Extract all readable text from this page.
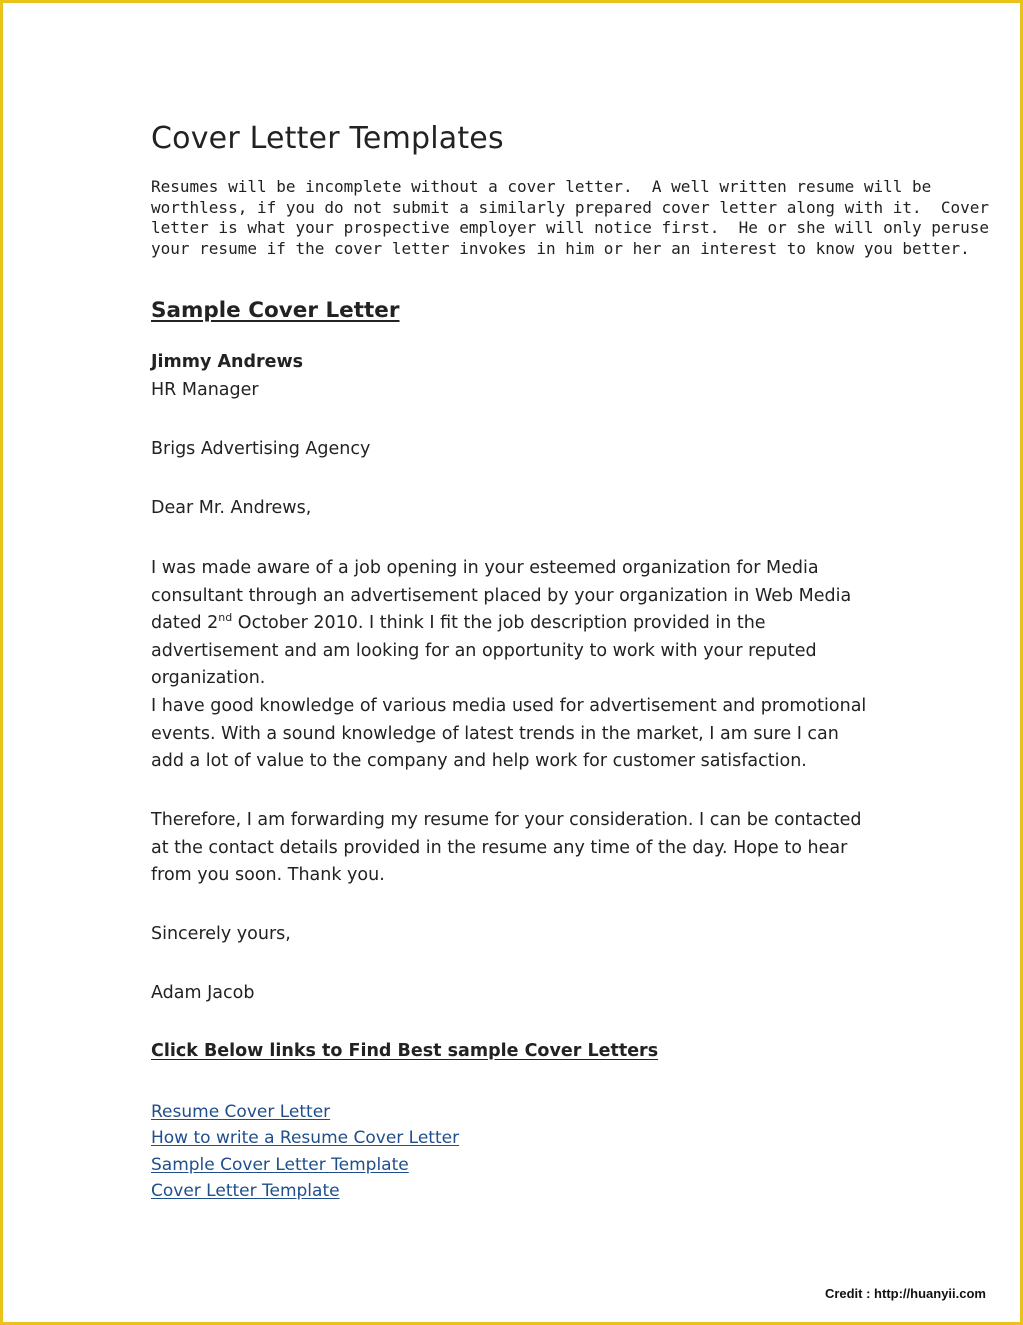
Cover Letter Templates

Resumes will be incomplete without a cover letter.  A well written resume will be
worthless, if you do not submit a similarly prepared cover letter along with it.  Cover
letter is what your prospective employer will notice first.  He or she will only peruse
your resume if the cover letter invokes in him or her an interest to know you better.

Sample Cover Letter

Jimmy Andrews

HR Manager

Brigs Advertising Agency

Dear Mr. Andrews,

I was made aware of a job opening in your esteemed organization for Media
consultant through an advertisement placed by your organization in Web Media
dated 2nd October 2010. I think I fit the job description provided in the
advertisement and am looking for an opportunity to work with your reputed
organization.
I have good knowledge of various media used for advertisement and promotional
events. With a sound knowledge of latest trends in the market, I am sure I can
add a lot of value to the company and help work for customer satisfaction.
Therefore, I am forwarding my resume for your consideration. I can be contacted
at the contact details provided in the resume any time of the day. Hope to hear
from you soon. Thank you.

Sincerely yours,

Adam Jacob

Click Below links to Find Best sample Cover Letters

Resume Cover Letter
How to write a Resume Cover Letter
Sample Cover Letter Template
Cover Letter Template
Credit : http://huanyii.com
